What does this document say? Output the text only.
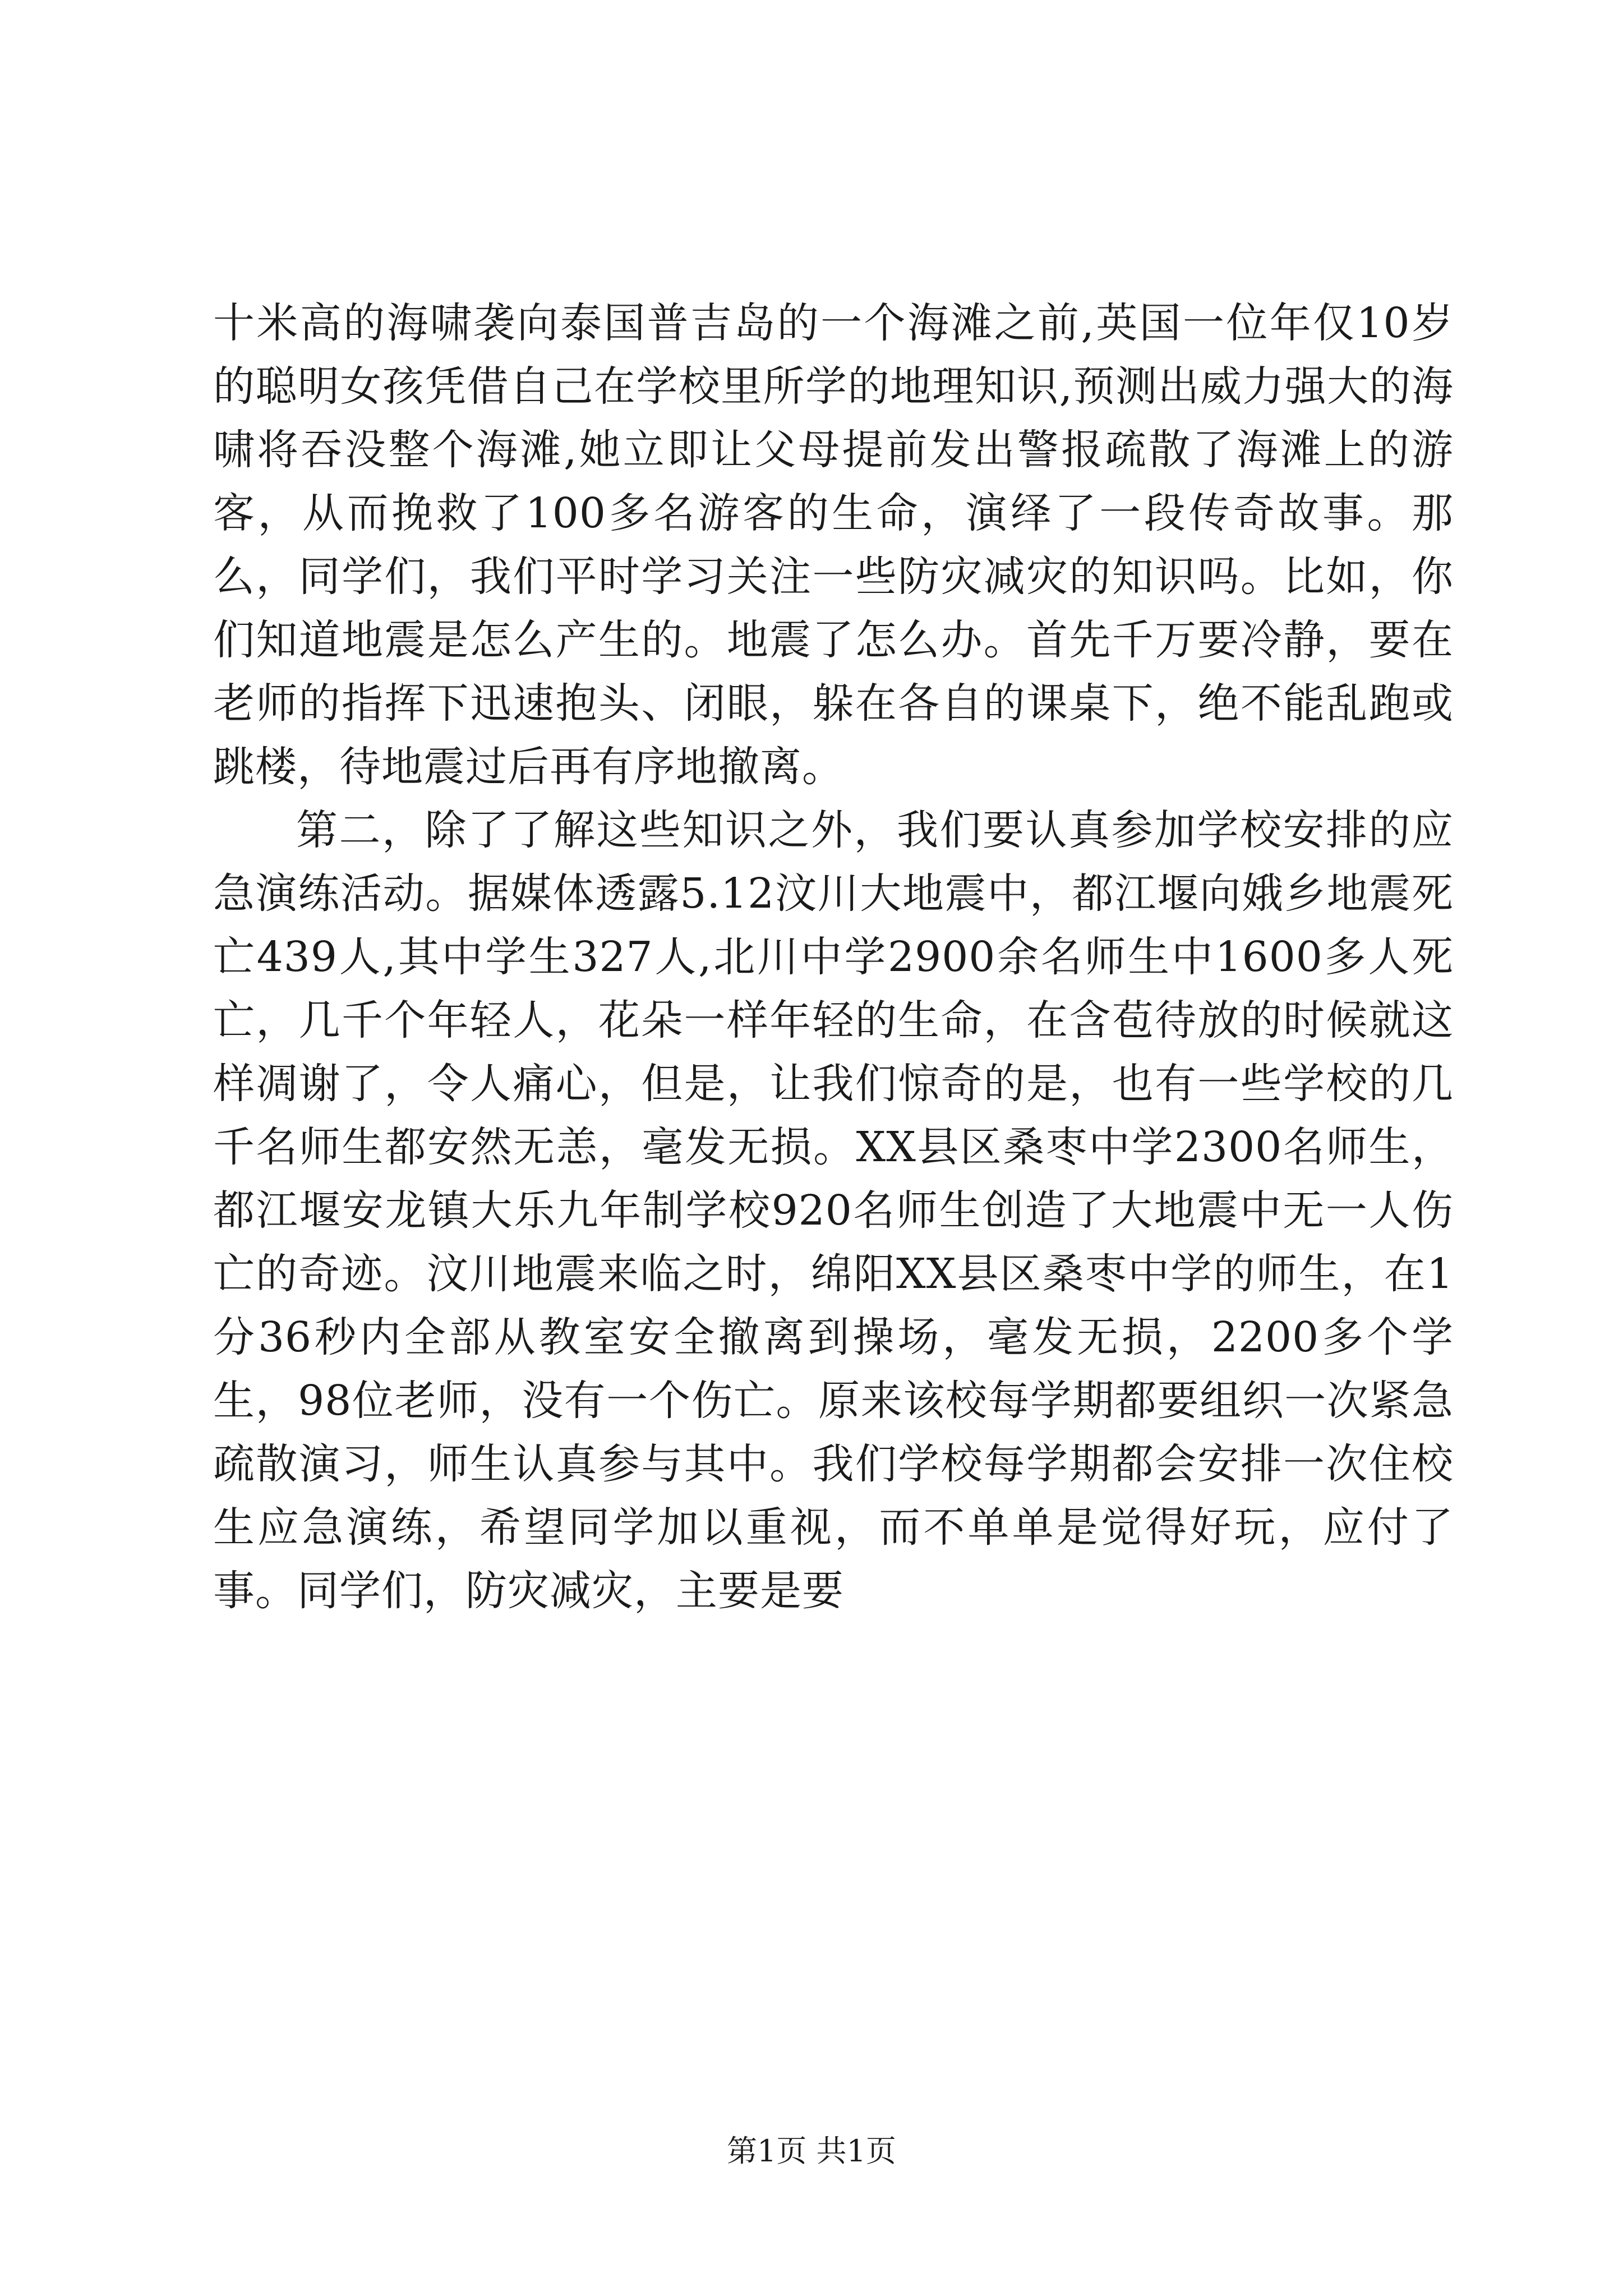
十米高的海啸袭向泰国普吉岛的一个海滩之前,英国一位年仅10岁的聪明女孩凭借自己在学校里所学的地理知识,预测出威力强大的海啸将吞没整个海滩,她立即让父母提前发出警报疏散了海滩上的游客，从而挽救了100多名游客的生命，演绎了一段传奇故事。那么，同学们，我们平时学习关注一些防灾减灾的知识吗。比如，你们知道地震是怎么产生的。地震了怎么办。首先千万要冷静，要在老师的指挥下迅速抱头、闭眼，躲在各自的课桌下，绝不能乱跑或跳楼，待地震过后再有序地撤离。

第二，除了了解这些知识之外，我们要认真参加学校安排的应急演练活动。据媒体透露5.12汶川大地震中，都江堰向娥乡地震死亡439人,其中学生327人,北川中学2900余名师生中1600多人死亡，几千个年轻人，花朵一样年轻的生命，在含苞待放的时候就这样凋谢了，令人痛心，但是，让我们惊奇的是，也有一些学校的几千名师生都安然无恙，毫发无损。XX县区桑枣中学2300名师生，都江堰安龙镇大乐九年制学校920名师生创造了大地震中无一人伤亡的奇迹。汶川地震来临之时，绵阳XX县区桑枣中学的师生，在1分36秒内全部从教室安全撤离到操场，毫发无损，2200多个学生，98位老师，没有一个伤亡。原来该校每学期都要组织一次紧急疏散演习，师生认真参与其中。我们学校每学期都会安排一次住校生应急演练，希望同学加以重视，而不单单是觉得好玩，应付了事。同学们，防灾减灾，主要是要

第1页 共1页
